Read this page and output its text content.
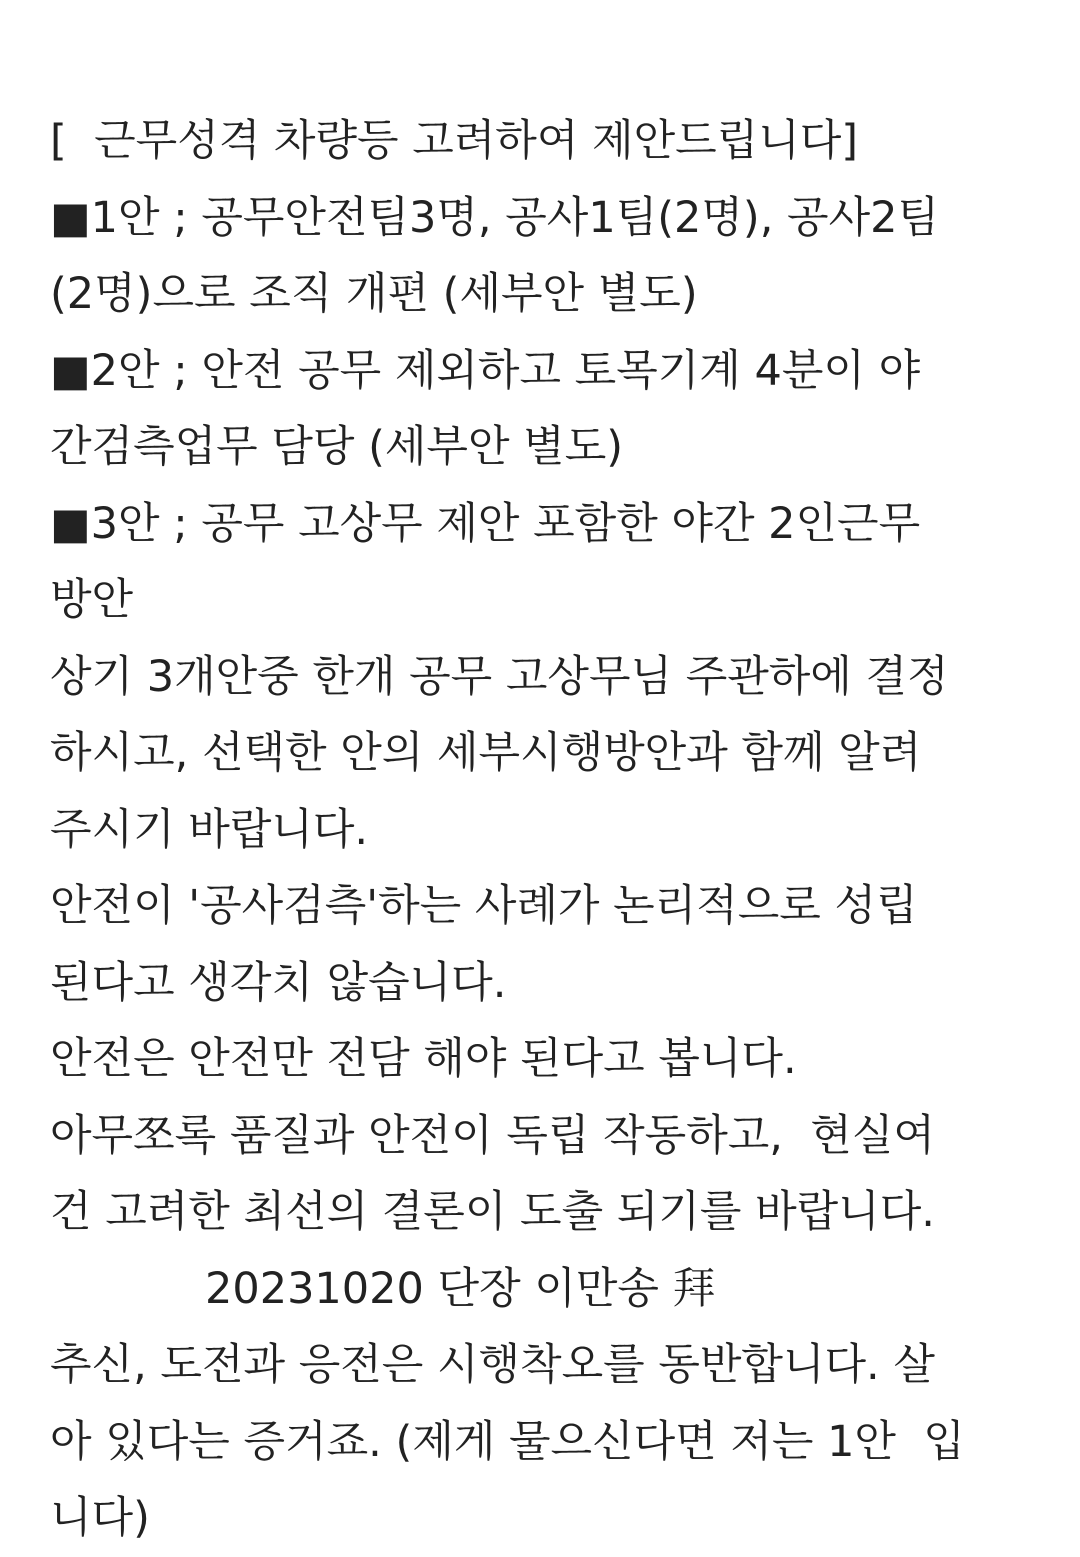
[  근무성격 차량등 고려하여 제안드립니다]
■1안 ; 공무안전팀3명, 공사1팀(2명), 공사2팀
(2명)으로 조직 개편 (세부안 별도)
■2안 ; 안전 공무 제외하고 토목기계 4분이 야
간검측업무 담당 (세부안 별도)
■3안 ; 공무 고상무 제안 포함한 야간 2인근무
방안
상기 3개안중 한개 공무 고상무님 주관하에 결정
하시고, 선택한 안의 세부시행방안과 함께 알려
주시기 바랍니다.
안전이 '공사검측'하는 사례가 논리적으로 성립
된다고 생각치 않습니다.
안전은 안전만 전담 해야 된다고 봅니다.
아무쪼록 품질과 안전이 독립 작동하고,  현실여
건 고려한 최선의 결론이 도출 되기를 바랍니다.
20231020 단장 이만송 拜
추신, 도전과 응전은 시행착오를 동반합니다. 살
아 있다는 증거죠. (제게 물으신다면 저는 1안  입
니다)
